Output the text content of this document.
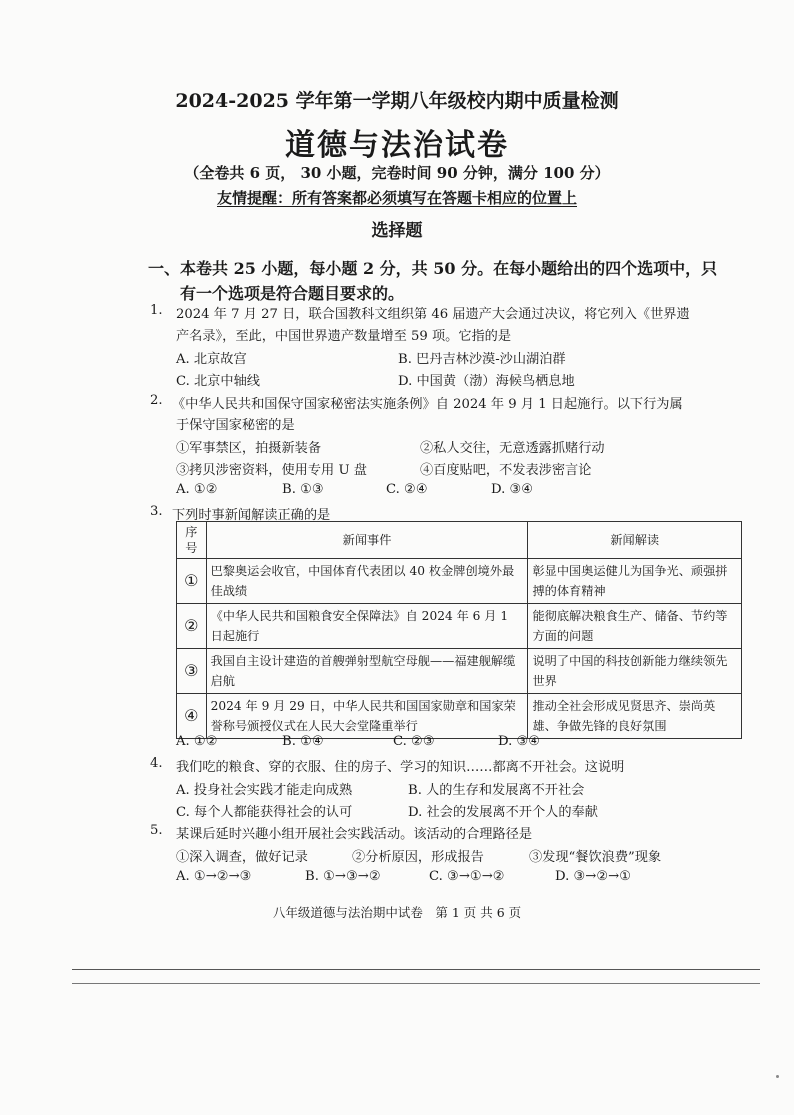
2024-2025 学年第一学期八年级校内期中质量检测
道德与法治试卷
（全卷共 6 页， 30 小题，完卷时间 90 分钟，满分 100 分）
友情提醒：所有答案都必须填写在答题卡相应的位置上
选择题
一、本卷共 25 小题，每小题 2 分，共 50 分。在每小题给出的四个选项中，只
有一个选项是符合题目要求的。
1. 2024 年 7 月 27 日，联合国教科文组织第 46 届遗产大会通过决议，将它列入《世界遗
产名录》，至此，中国世界遗产数量增至 59 项。它指的是
A. 北京故宫	B. 巴丹吉林沙漠-沙山湖泊群
C. 北京中轴线	D. 中国黄（渤）海候鸟栖息地
2. 《中华人民共和国保守国家秘密法实施条例》自 2024 年 9 月 1 日起施行。以下行为属
于保守国家秘密的是
①军事禁区，拍摄新装备	②私人交往，无意透露抓赌行动
③拷贝涉密资料，使用专用 U 盘	④百度贴吧，不发表涉密言论
A. ①②	B. ①③	C. ②④	D. ③④
3. 下列时事新闻解读正确的是
序号	新闻事件	新闻解读
①	巴黎奥运会收官，中国体育代表团以 40 枚金牌创境外最佳战绩	彰显中国奥运健儿为国争光、顽强拼搏的体育精神
②	《中华人民共和国粮食安全保障法》自 2024 年 6 月 1 日起施行	能彻底解决粮食生产、储备、节约等方面的问题
③	我国自主设计建造的首艘弹射型航空母舰——福建舰解缆启航	说明了中国的科技创新能力继续领先世界
④	2024 年 9 月 29 日，中华人民共和国国家勋章和国家荣誉称号颁授仪式在人民大会堂隆重举行	推动全社会形成见贤思齐、崇尚英雄、争做先锋的良好氛围
A. ①②	B. ①④	C. ②③	D. ③④
4. 我们吃的粮食、穿的衣服、住的房子、学习的知识……都离不开社会。这说明
A. 投身社会实践才能走向成熟	B. 人的生存和发展离不开社会
C. 每个人都能获得社会的认可	D. 社会的发展离不开个人的奉献
5. 某课后延时兴趣小组开展社会实践活动。该活动的合理路径是
①深入调查，做好记录	②分析原因，形成报告	③发现“餐饮浪费”现象
A. ①→②→③	B. ①→③→②	C. ③→①→②	D. ③→②→①
八年级道德与法治期中试卷　第 1 页 共 6 页
